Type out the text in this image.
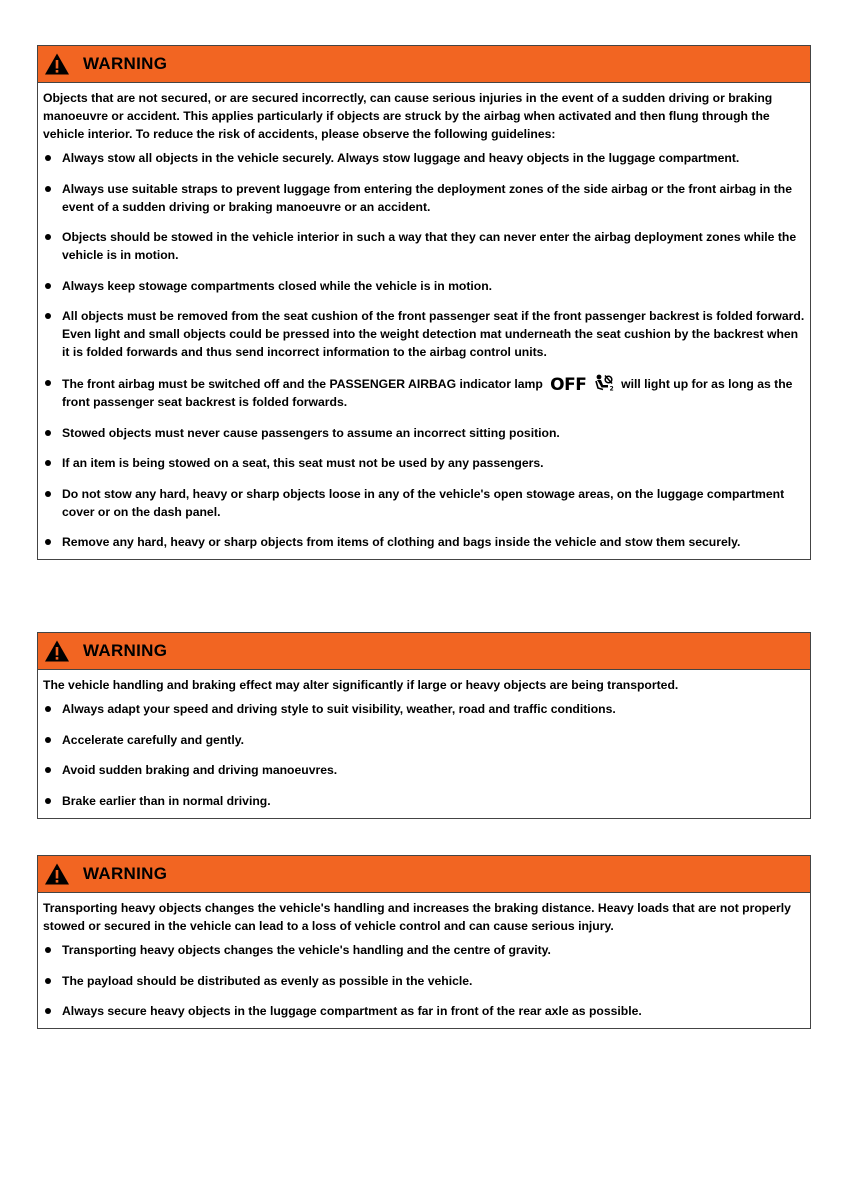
WARNING

Objects that are not secured, or are secured incorrectly, can cause serious injuries in the event of a sudden driving or braking manoeuvre or accident. This applies particularly if objects are struck by the airbag when activated and then flung through the vehicle interior. To reduce the risk of accidents, please observe the following guidelines:

Always stow all objects in the vehicle securely. Always stow luggage and heavy objects in the luggage compartment.
Always use suitable straps to prevent luggage from entering the deployment zones of the side airbag or the front airbag in the event of a sudden driving or braking manoeuvre or an accident.
Objects should be stowed in the vehicle interior in such a way that they can never enter the airbag deployment zones while the vehicle is in motion.
Always keep stowage compartments closed while the vehicle is in motion.
All objects must be removed from the seat cushion of the front passenger seat if the front passenger backrest is folded forward. Even light and small objects could be pressed into the weight detection mat underneath the seat cushion by the backrest when it is folded forwards and thus send incorrect information to the airbag control units.
The front airbag must be switched off and the PASSENGER AIRBAG indicator lamp OFF	2 will light up for as long as the front passenger seat backrest is folded forwards.
Stowed objects must never cause passengers to assume an incorrect sitting position.
If an item is being stowed on a seat, this seat must not be used by any passengers.
Do not stow any hard, heavy or sharp objects loose in any of the vehicle's open stowage areas, on the luggage compartment cover or on the dash panel.
Remove any hard, heavy or sharp objects from items of clothing and bags inside the vehicle and stow them securely.
WARNING

The vehicle handling and braking effect may alter significantly if large or heavy objects are being transported.

Always adapt your speed and driving style to suit visibility, weather, road and traffic conditions.
Accelerate carefully and gently.
Avoid sudden braking and driving manoeuvres.
Brake earlier than in normal driving.
WARNING

Transporting heavy objects changes the vehicle's handling and increases the braking distance. Heavy loads that are not properly stowed or secured in the vehicle can lead to a loss of vehicle control and can cause serious injury.

Transporting heavy objects changes the vehicle's handling and the centre of gravity.
The payload should be distributed as evenly as possible in the vehicle.
Always secure heavy objects in the luggage compartment as far in front of the rear axle as possible.
